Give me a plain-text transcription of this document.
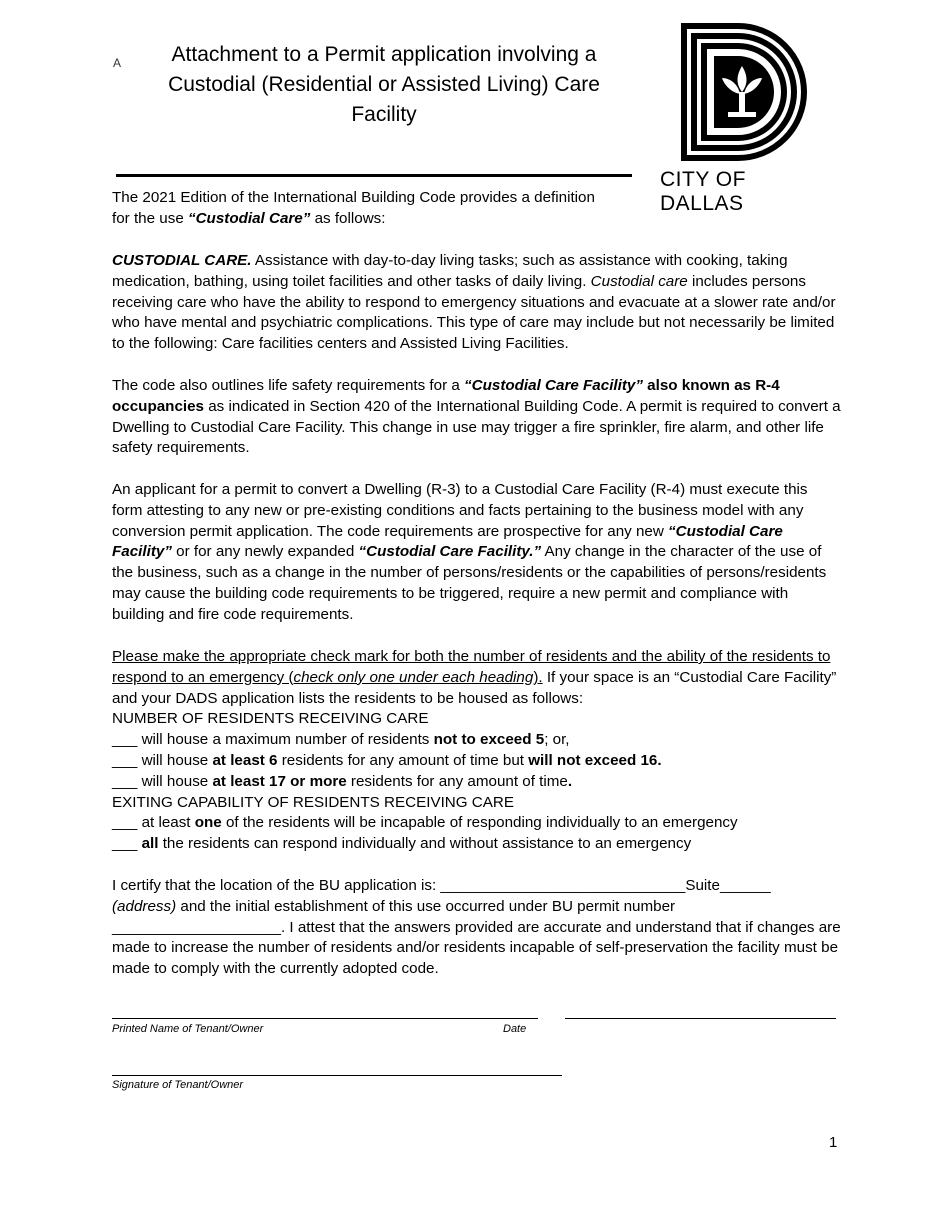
A	Attachment to a Permit application involving a
Custodial (Residential or Assisted Living) Care
Facility
CITY OF DALLAS
The 2021 Edition of the International Building Code provides a definition
for the use “Custodial Care” as follows:

CUSTODIAL CARE. Assistance with day-to-day living tasks; such as assistance with cooking, taking medication, bathing, using toilet facilities and other tasks of daily living. Custodial care includes persons receiving care who have the ability to respond to emergency situations and evacuate at a slower rate and/or who have mental and psychiatric complications. This type of care may include but not necessarily be limited to the following: Care facilities centers and Assisted Living Facilities.

The code also outlines life safety requirements for a “Custodial Care Facility” also known as R-4 occupancies as indicated in Section 420 of the International Building Code. A permit is required to convert a Dwelling to Custodial Care Facility. This change in use may trigger a fire sprinkler, fire alarm, and other life safety requirements.

An applicant for a permit to convert a Dwelling (R-3) to a Custodial Care Facility (R-4) must execute this form attesting to any new or pre-existing conditions and facts pertaining to the business model with any conversion permit application. The code requirements are prospective for any new “Custodial Care Facility” or for any newly expanded “Custodial Care Facility.” Any change in the character of the use of the business, such as a change in the number of persons/residents or the capabilities of persons/residents may cause the building code requirements to be triggered, require a new permit and compliance with building and fire code requirements.

Please make the appropriate check mark for both the number of residents and the ability of the residents to respond to an emergency (check only one under each heading). If your space is an “Custodial Care Facility” and your DADS application lists the residents to be housed as follows:

NUMBER OF RESIDENTS RECEIVING CARE
___ will house a maximum number of residents not to exceed 5; or,
___ will house at least 6 residents for any amount of time but will not exceed 16.
___ will house at least 17 or more residents for any amount of time.
EXITING CAPABILITY OF RESIDENTS RECEIVING CARE
___ at least one of the residents will be incapable of responding individually to an emergency
___ all the residents can respond individually and without assistance to an emergency
I certify that the location of the BU application is: _____________________________Suite______
(address) and the initial establishment of this use occurred under BU permit number

____________________. I attest that the answers provided are accurate and understand that if changes are made to increase the number of residents and/or residents incapable of self-preservation the facility must be made to comply with the currently adopted code.

Printed Name of Tenant/Owner	Date
Signature of Tenant/Owner
1
